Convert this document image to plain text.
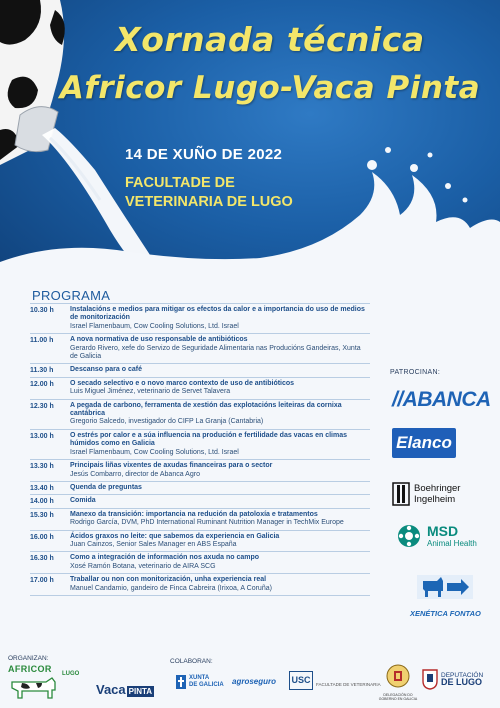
Xornada técnica
Africor Lugo-Vaca Pinta
14 DE XUÑO DE 2022
FACULTADE DE
VETERINARIA DE LUGO
PROGRAMA
10.30 h	Instalacións e medios para mitigar os efectos da calor e a importancia do uso de medios de monitorización
Israel Flamenbaum, Cow Cooling Solutions, Ltd. Israel
11.00 h	A nova normativa de uso responsable de antibióticos
Gerardo Rivero, xefe do Servizo de Seguridade Alimentaria nas Producións Gandeiras, Xunta de Galicia
11.30 h	Descanso para o café
12.00 h	O secado selectivo e o novo marco contexto de uso de antibióticos
Luis Miguel Jiménez, veterinario de Servet Talavera
12.30 h	A pegada de carbono, ferramenta de xestión das explotacións leiteiras da cornixa cantábrica
Gregorio Salcedo, investigador do CIFP La Granja (Cantabria)
13.00 h	O estrés por calor e a súa influencia na produción e fertilidade das vacas en climas húmidos como en Galicia
Israel Flamenbaum, Cow Cooling Solutions, Ltd. Israel
13.30 h	Principais liñas vixentes de axudas financeiras para o sector
Jesús Combarro, director de Abanca Agro
13.40 h	Quenda de preguntas
14.00 h	Comida
15.30 h	Manexo da transición: importancia na redución da patoloxía e tratamentos
Rodrigo García, DVM, PhD International Ruminant Nutrition Manager in TechMix Europe
16.00 h	Ácidos graxos no leite: que sabemos da experiencia en Galicia
Juan Cainzos, Senior Sales Manager en ABS España
16.30 h	Como a integración de información nos axuda no campo
Xosé Ramón Botana, veterinario de AIRA SCG
17.00 h	Traballar ou non con monitorización, unha experiencia real
Manuel Candamio, gandeiro de Finca Cabreira (Irixoa, A Coruña)
PATROCINAN:
//ABANCA
Elanco
Boehringer
Ingelheim
MSD
Animal Health
XENÉTICA FONTAO
ORGANIZAN:	COLABORAN:
AFRICOR	LUGO
Vaca PINTA
XUNTA
DE GALICIA agroseguro USC	FACULTADE DE VETERINARIA
DELEGACIÓN DO GOBERNO EN GALICIA
DEPUTACIÓN
DE LUGO
